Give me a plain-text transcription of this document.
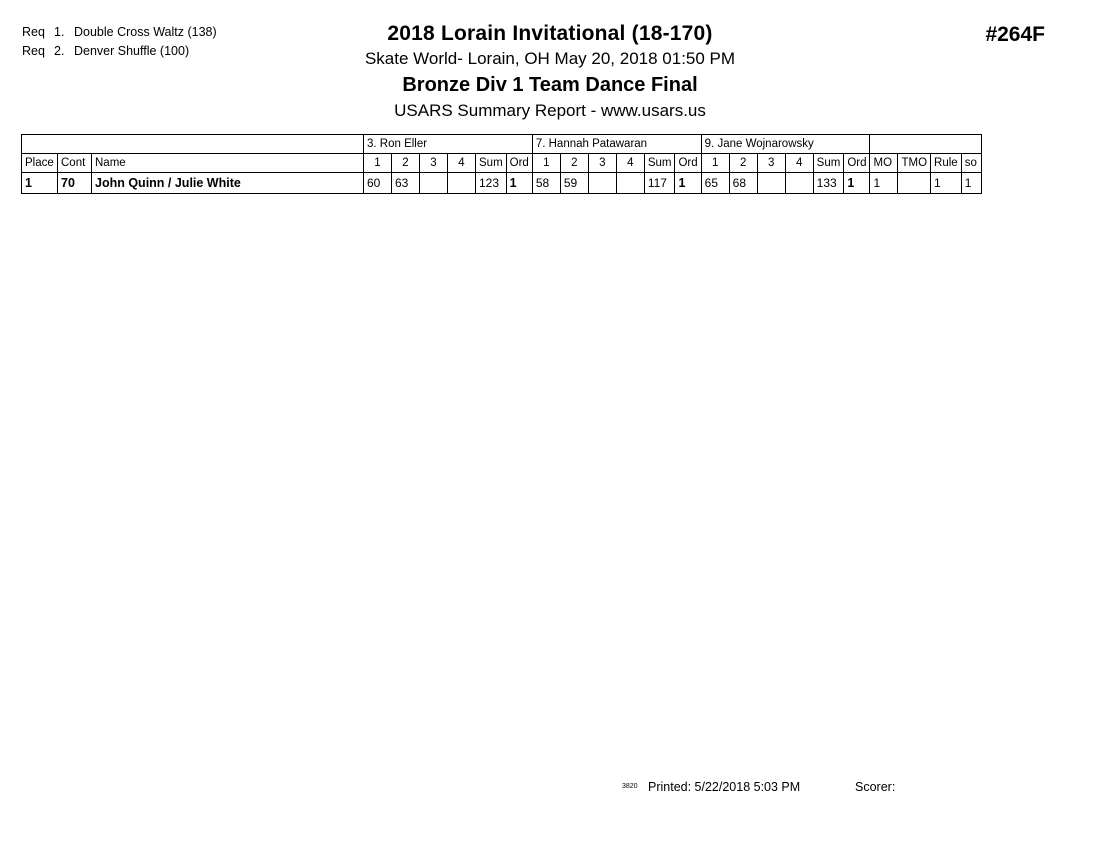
Req 1. Double Cross Waltz (138)
Req 2. Denver Shuffle (100)
2018 Lorain Invitational (18-170)
Skate World- Lorain, OH May 20, 2018 01:50 PM
Bronze Div 1 Team Dance Final
USARS Summary Report - www.usars.us
#264F
			3. Ron Eller						7. Hannah Patawaran						9. Jane Wojnarowsky									
Place	Cont	Name	1	2	3	4	Sum	Ord	1	2	3	4	Sum	Ord	1	2	3	4	Sum	Ord	MO	TMO	Rule	so
1	70	John Quinn / Julie White	60	63			123	1	58	59			117	1	65	68			133	1	1		1	1
3820 Printed: 5/22/2018 5:03 PM	Scorer:
